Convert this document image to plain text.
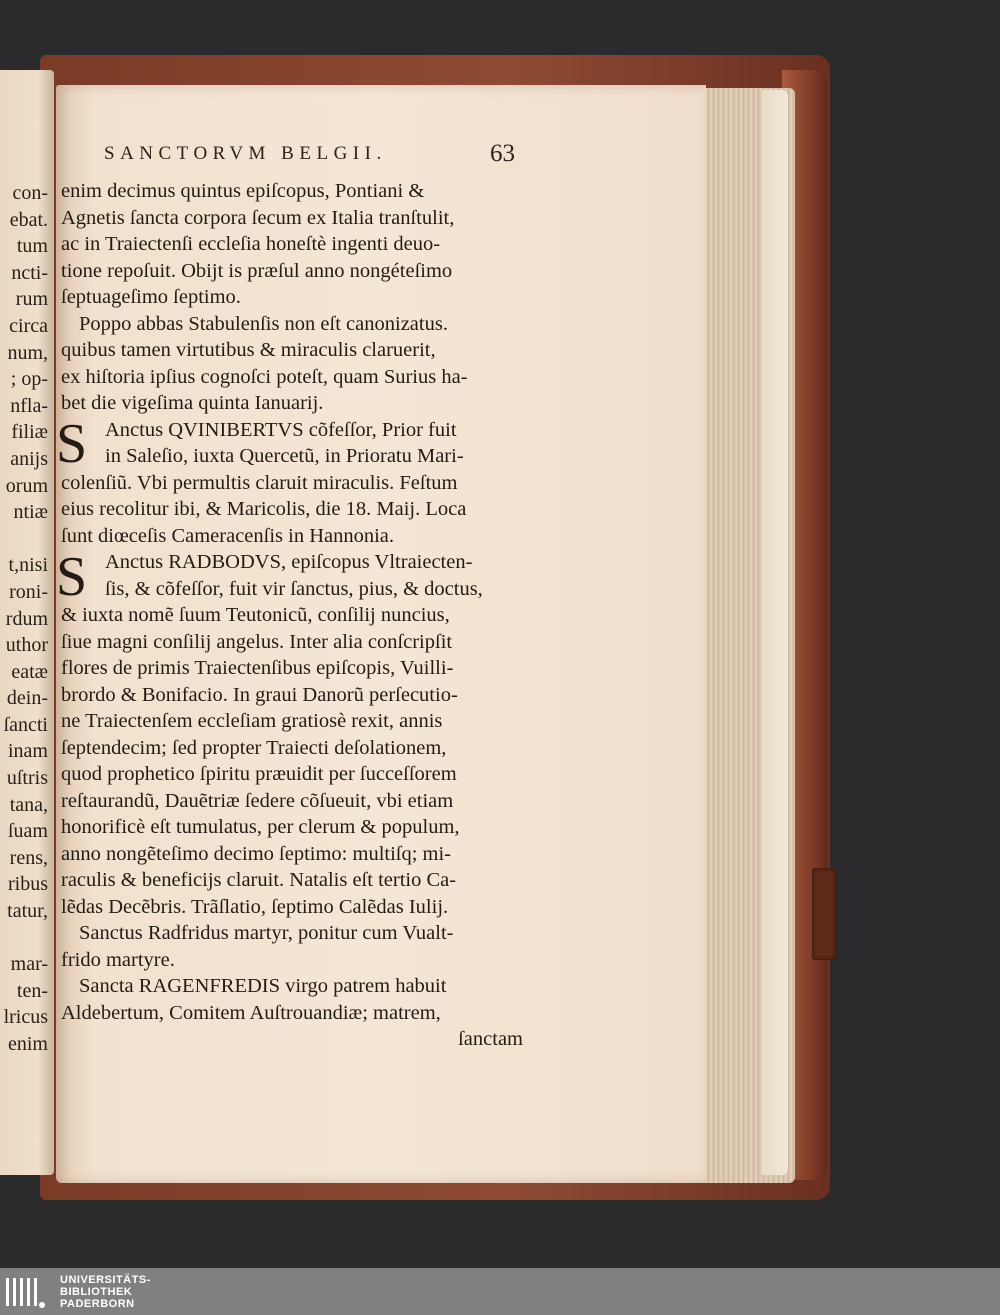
con-
ebat.
tum
ncti-
rum
circa
num,
; op-
nfla-
filiæ
anijs
orum
ntiæ
t,nisi
roni-
rdum
uthor
eatæ
dein-
ſancti
inam
uſtris
tana,
ſuam
rens,
ribus
tatur,
mar-
ten-
lricus
enim
SANCTORVM BELGII.	63
enim decimus quintus epiſcopus, Pontiani &
Agnetis ſancta corpora ſecum ex Italia tranſtulit,
ac in Traiectenſi eccleſia honeſtè ingenti deuo-
tione repoſuit. Obijt is præſul anno nongéteſimo
ſeptuageſimo ſeptimo.
Poppo abbas Stabulenſis non eſt canonizatus.
quibus tamen virtutibus & miraculis claruerit,
ex hiſtoria ipſius cognoſci poteſt, quam Surius ha-
bet die vigeſima quinta Ianuarij.
Anctus QVINIBERTVS cõfeſſor, Prior fuit
in Saleſio, iuxta Quercetũ, in Prioratu Mari-
colenſiũ. Vbi permultis claruit miraculis. Feſtum
eius recolitur ibi, & Maricolis, die 18. Maij. Loca
ſunt diœceſis Cameracenſis in Hannonia.
Anctus RADBODVS, epiſcopus Vltraiecten-
ſis, & cõfeſſor, fuit vir ſanctus, pius, & doctus,
& iuxta nomẽ ſuum Teutonicũ, conſilij nuncius,
ſiue magni conſilij angelus. Inter alia conſcripſit
flores de primis Traiectenſibus epiſcopis, Vuilli-
brordo & Bonifacio. In graui Danorũ perſecutio-
ne Traiectenſem eccleſiam gratiosè rexit, annis
ſeptendecim; ſed propter Traiecti deſolationem,
quod prophetico ſpiritu præuidit per ſucceſſorem
reſtaurandũ, Dauẽtriæ ſedere cõſueuit, vbi etiam
honorificè eſt tumulatus, per clerum & populum,
anno nongẽteſimo decimo ſeptimo: multiſq; mi-
raculis & beneficijs claruit. Natalis eſt tertio Ca-
lẽdas Decẽbris. Trãſlatio, ſeptimo Calẽdas Iulij.
Sanctus Radfridus martyr, ponitur cum Vualt-
frido martyre.
Sancta RAGENFREDIS virgo patrem habuit
Aldebertum, Comitem Auſtrouandiæ; matrem,
ſanctam
S
S
UNIVERSITÄTS-
BIBLIOTHEK
PADERBORN
